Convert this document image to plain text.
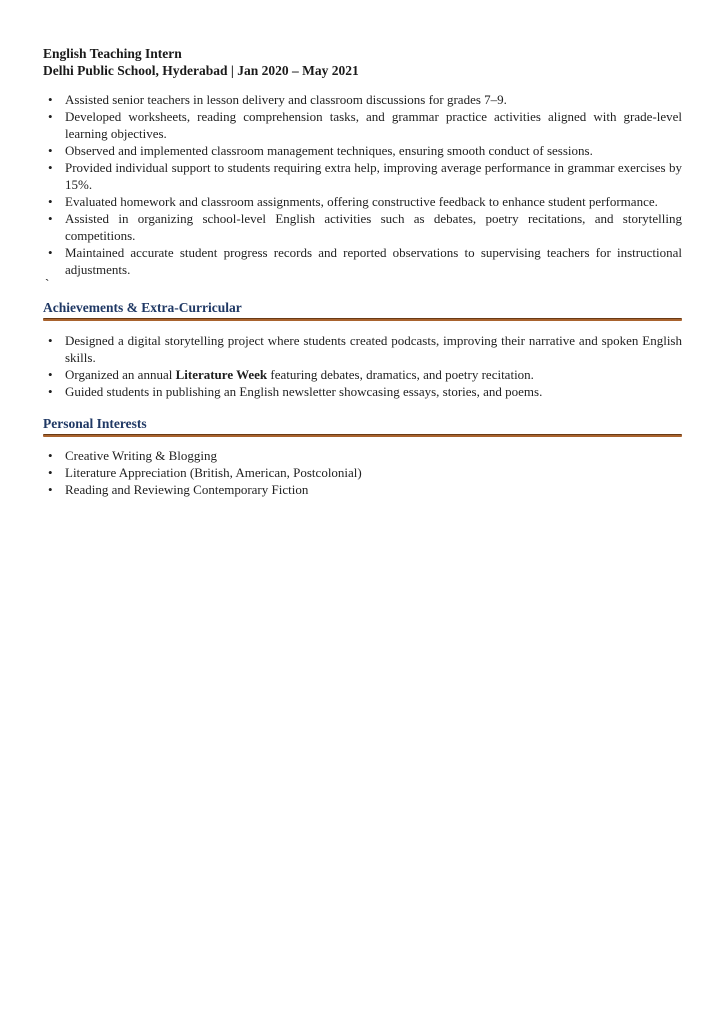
English Teaching Intern
Delhi Public School, Hyderabad | Jan 2020 – May 2021
• Assisted senior teachers in lesson delivery and classroom discussions for grades 7–9.
• Developed worksheets, reading comprehension tasks, and grammar practice activities aligned with grade-level learning objectives.
• Observed and implemented classroom management techniques, ensuring smooth conduct of sessions.
• Provided individual support to students requiring extra help, improving average performance in grammar exercises by 15%.
• Evaluated homework and classroom assignments, offering constructive feedback to enhance student performance.
• Assisted in organizing school-level English activities such as debates, poetry recitations, and storytelling competitions.
• Maintained accurate student progress records and reported observations to supervising teachers for instructional adjustments.
`
Achievements & Extra-Curricular
• Designed a digital storytelling project where students created podcasts, improving their narrative and spoken English skills.
• Organized an annual Literature Week featuring debates, dramatics, and poetry recitation.
• Guided students in publishing an English newsletter showcasing essays, stories, and poems.
Personal Interests
• Creative Writing & Blogging
• Literature Appreciation (British, American, Postcolonial)
• Reading and Reviewing Contemporary Fiction
